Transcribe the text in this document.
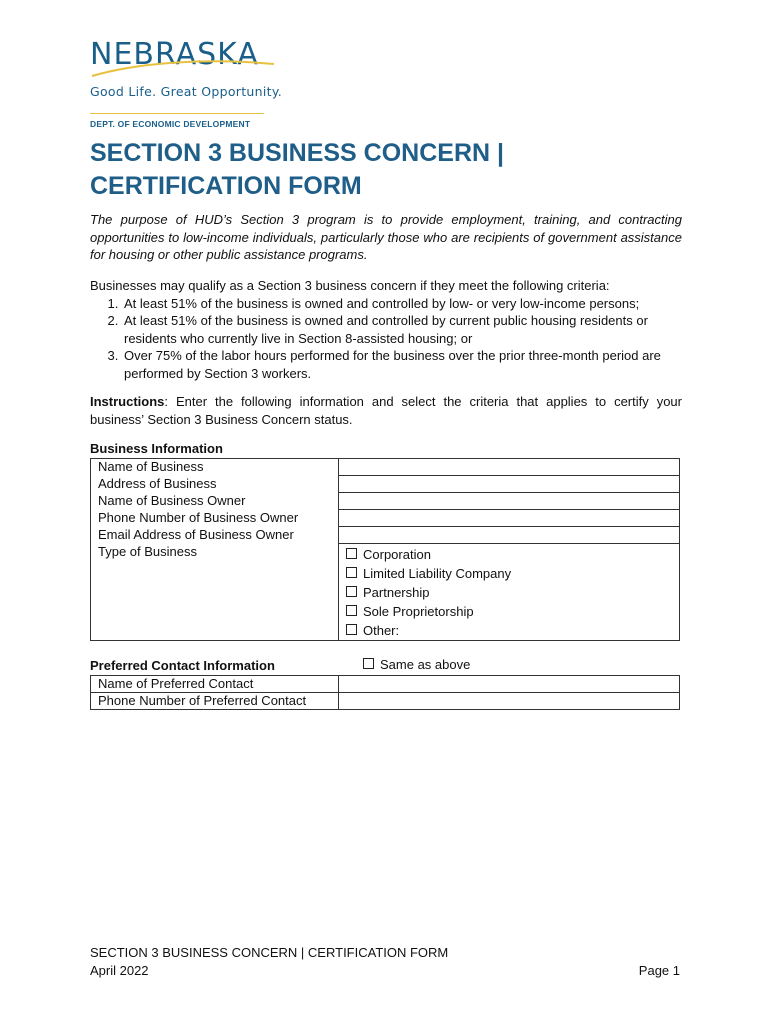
NEBRASKA
Good Life. Great Opportunity.
DEPT. OF ECONOMIC DEVELOPMENT
SECTION 3 BUSINESS CONCERN |
CERTIFICATION FORM
The purpose of HUD’s Section 3 program is to provide employment, training, and contracting opportunities to low-income individuals, particularly those who are recipients of government assistance for housing or other public assistance programs.
Businesses may qualify as a Section 3 business concern if they meet the following criteria:
1. At least 51% of the business is owned and controlled by low- or very low-income persons;
2. At least 51% of the business is owned and controlled by current public housing residents or residents who currently live in Section 8-assisted housing; or
3. Over 75% of the labor hours performed for the business over the prior three-month period are performed by Section 3 workers.
Instructions: Enter the following information and select the criteria that applies to certify your business’ Section 3 Business Concern status.
Business Information
Name of Business	
Address of Business	
Name of Business Owner	
Phone Number of Business Owner	
Email Address of Business Owner	
Type of Business	Corporation
Limited Liability Company
Partnership
Sole Proprietorship
Other:
Preferred Contact Information	Same as above
Name of Preferred Contact	
Phone Number of Preferred Contact	
SECTION 3 BUSINESS CONCERN | CERTIFICATION FORM
April 2022	Page 1
